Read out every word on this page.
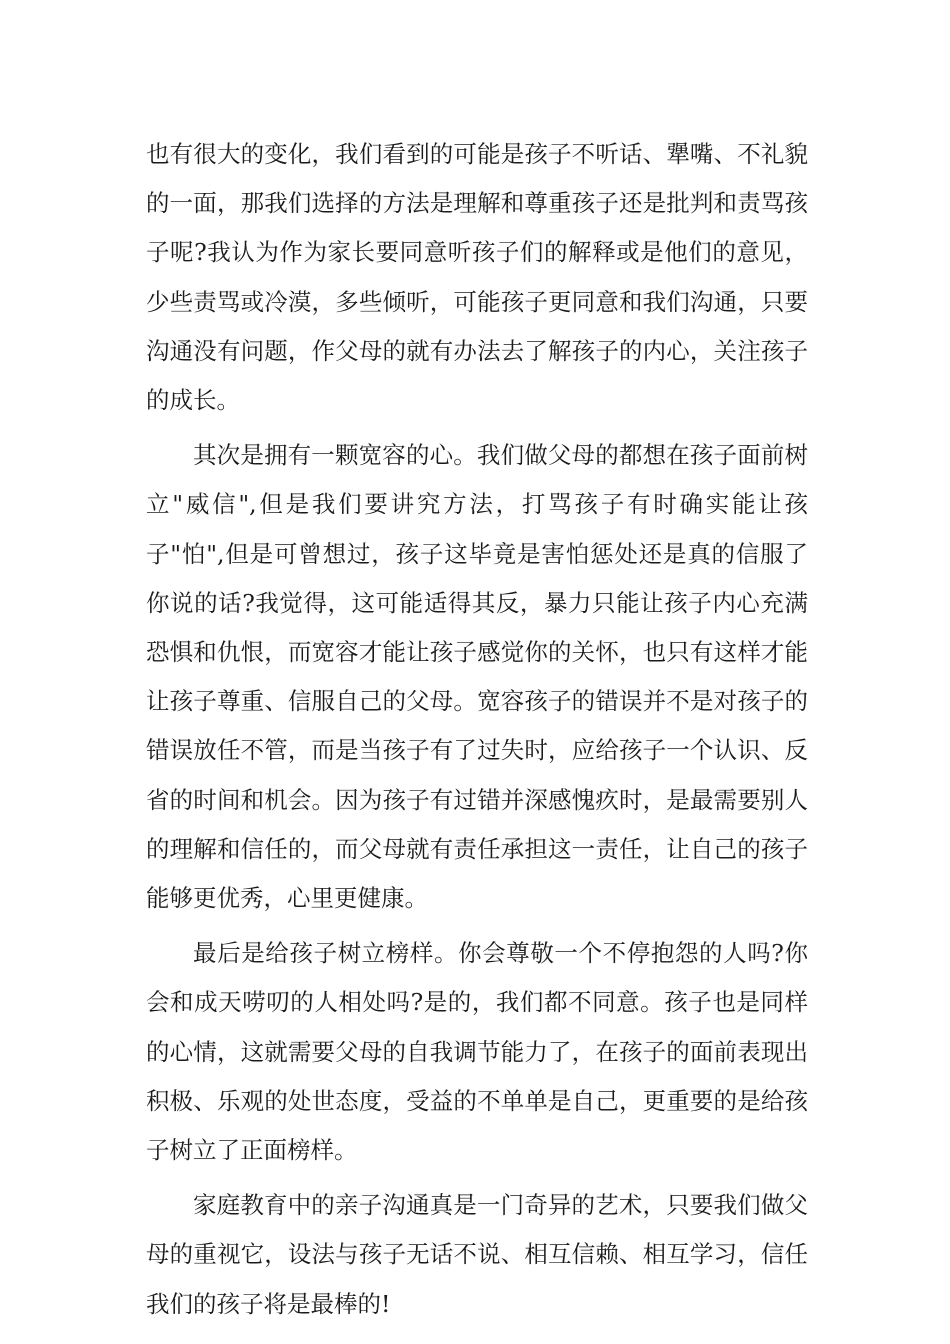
也有很大的变化，我们看到的可能是孩子不听话、犟嘴、不礼貌的一面，那我们选择的方法是理解和尊重孩子还是批判和责骂孩子呢?我认为作为家长要同意听孩子们的解释或是他们的意见，少些责骂或冷漠，多些倾听，可能孩子更同意和我们沟通，只要沟通没有问题，作父母的就有办法去了解孩子的内心，关注孩子的成长。

其次是拥有一颗宽容的心。我们做父母的都想在孩子面前树立"威信",但是我们要讲究方法，打骂孩子有时确实能让孩子"怕",但是可曾想过，孩子这毕竟是害怕惩处还是真的信服了你说的话?我觉得，这可能适得其反，暴力只能让孩子内心充满恐惧和仇恨，而宽容才能让孩子感觉你的关怀，也只有这样才能让孩子尊重、信服自己的父母。宽容孩子的错误并不是对孩子的错误放任不管，而是当孩子有了过失时，应给孩子一个认识、反省的时间和机会。因为孩子有过错并深感愧疚时，是最需要别人的理解和信任的，而父母就有责任承担这一责任，让自己的孩子能够更优秀，心里更健康。

最后是给孩子树立榜样。你会尊敬一个不停抱怨的人吗?你会和成天唠叨的人相处吗?是的，我们都不同意。孩子也是同样的心情，这就需要父母的自我调节能力了，在孩子的面前表现出积极、乐观的处世态度，受益的不单单是自己，更重要的是给孩子树立了正面榜样。

家庭教育中的亲子沟通真是一门奇异的艺术，只要我们做父母的重视它，设法与孩子无话不说、相互信赖、相互学习，信任我们的孩子将是最棒的!
